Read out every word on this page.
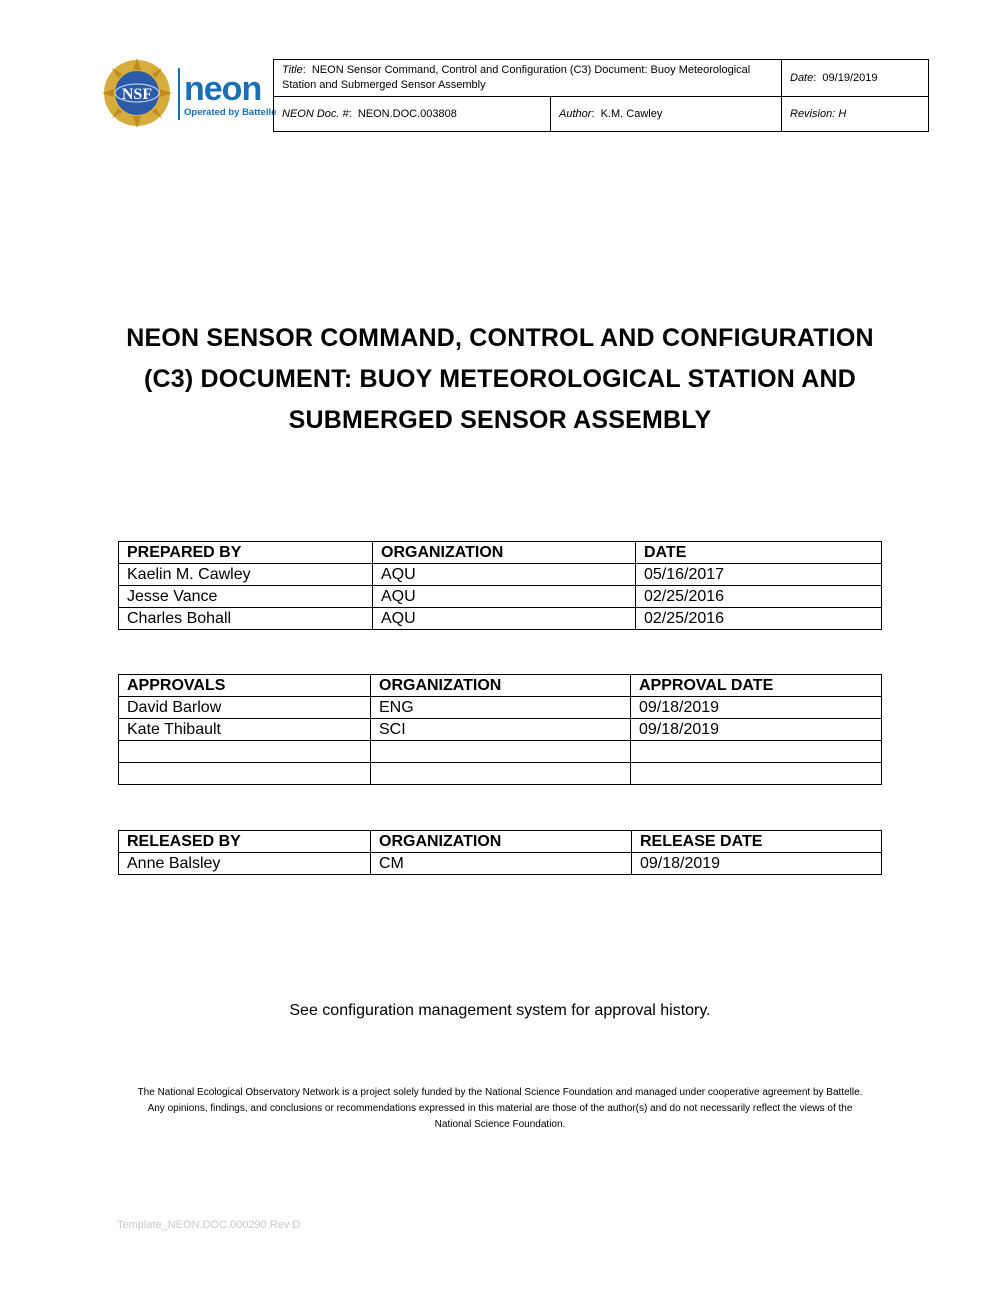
NSF neon
Operated by Battelle
Title:  NEON Sensor Command, Control and Configuration (C3) Document: Buoy Meteorological Station and Submerged Sensor Assembly		Date:  09/19/2019
NEON Doc. #:  NEON.DOC.003808	Author:  K.M. Cawley	Revision: H
NEON SENSOR COMMAND, CONTROL AND CONFIGURATION
(C3) DOCUMENT: BUOY METEOROLOGICAL STATION AND
SUBMERGED SENSOR ASSEMBLY
PREPARED BY	ORGANIZATION	DATE
Kaelin M. Cawley	AQU	05/16/2017
Jesse Vance	AQU	02/25/2016
Charles Bohall	AQU	02/25/2016
APPROVALS	ORGANIZATION	APPROVAL DATE
David Barlow	ENG	09/18/2019
Kate Thibault	SCI	09/18/2019

RELEASED BY	ORGANIZATION	RELEASE DATE
Anne Balsley	CM	09/18/2019
See configuration management system for approval history.
The National Ecological Observatory Network is a project solely funded by the National Science Foundation and managed under cooperative agreement by Battelle.
Any opinions, findings, and conclusions or recommendations expressed in this material are those of the author(s) and do not necessarily reflect the views of the
National Science Foundation.
Template_NEON.DOC.000290 Rev D
